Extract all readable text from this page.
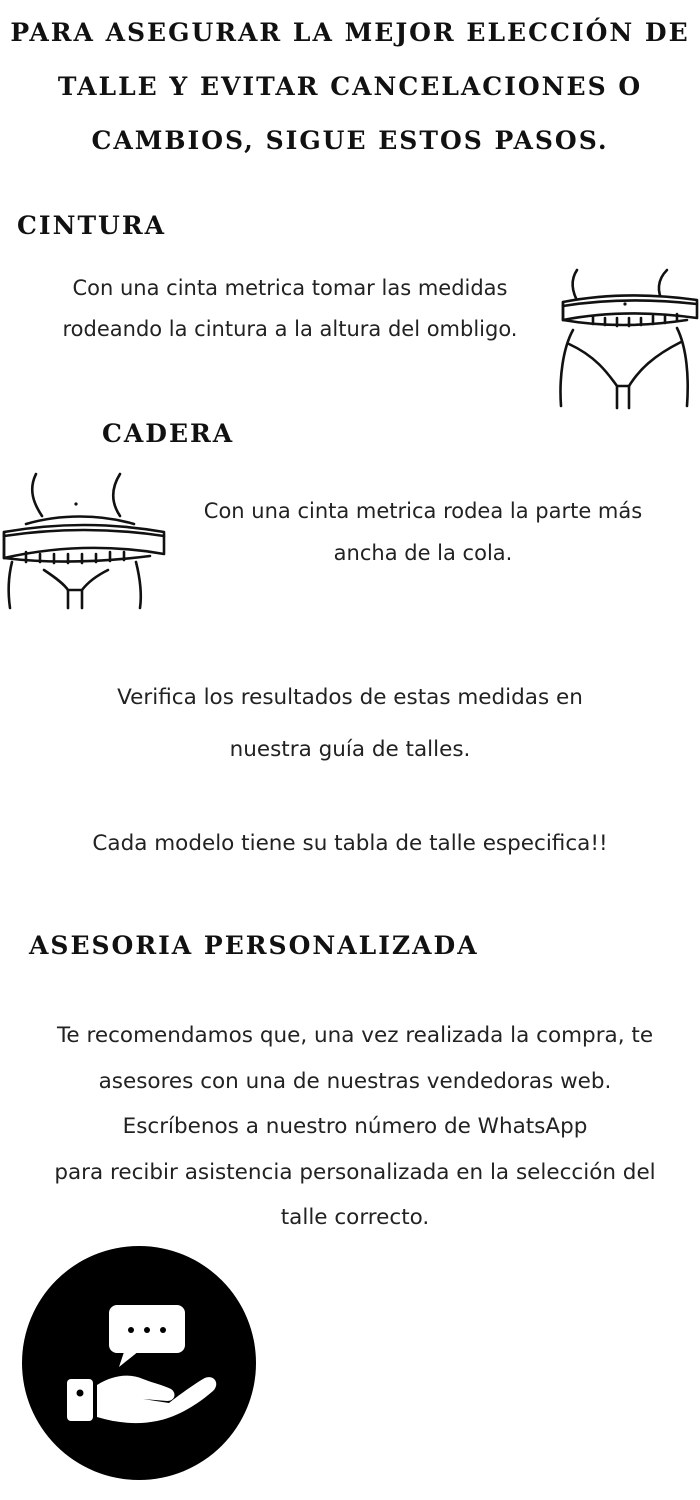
PARA ASEGURAR LA MEJOR ELECCIÓN DE
TALLE Y EVITAR CANCELACIONES O
CAMBIOS, SIGUE ESTOS PASOS.
CINTURA
Con una cinta metrica tomar las medidas
rodeando la cintura a la altura del ombligo.
CADERA
Con una cinta metrica rodea la parte más
ancha de la cola.
Verifica los resultados de estas medidas en
nuestra guía de talles.
Cada modelo tiene su tabla de talle especifica!!
ASESORIA PERSONALIZADA
Te recomendamos que, una vez realizada la compra, te
asesores con una de nuestras vendedoras web.
Escríbenos a nuestro número de WhatsApp
para recibir asistencia personalizada en la selección del
talle correcto.
